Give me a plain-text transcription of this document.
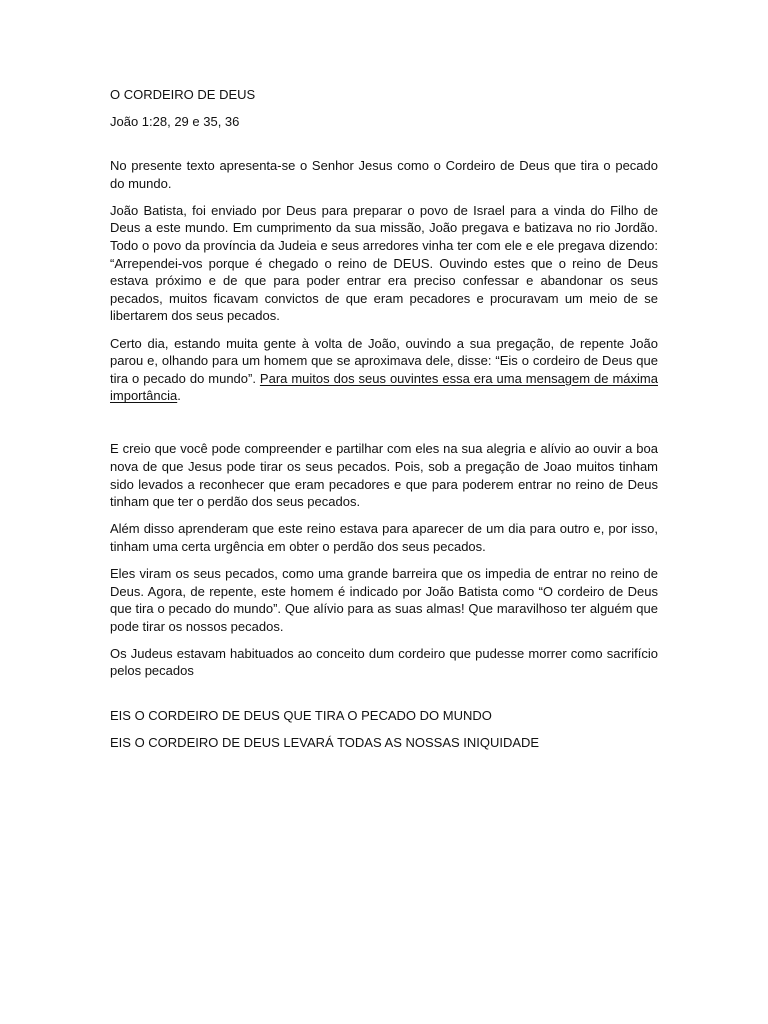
O CORDEIRO DE DEUS

João 1:28, 29 e 35, 36

No presente texto apresenta-se o Senhor Jesus como o Cordeiro de Deus que tira o pecado do mundo.

João Batista, foi enviado por Deus para preparar o povo de Israel para a vinda do Filho de Deus a este mundo. Em cumprimento da sua missão, João pregava e batizava no rio Jordão. Todo o povo da província da Judeia e seus arredores vinha ter com ele e ele pregava dizendo: “Arrependei-vos porque é chegado o reino de DEUS. Ouvindo estes que o reino de Deus estava próximo e de que para poder entrar era preciso confessar e abandonar os seus pecados, muitos ficavam convictos de que eram pecadores e procuravam um meio de se libertarem dos seus pecados.

Certo dia, estando muita gente à volta de João, ouvindo a sua pregação, de repente João parou e, olhando para um homem que se aproximava dele, disse: “Eis o cordeiro de Deus que tira o pecado do mundo”. Para muitos dos seus ouvintes essa era uma mensagem de máxima importância.

E creio que você pode compreender e partilhar com eles na sua alegria e alívio ao ouvir a boa nova de que Jesus pode tirar os seus pecados. Pois, sob a pregação de Joao muitos tinham sido levados a reconhecer que eram pecadores e que para poderem entrar no reino de Deus tinham que ter o perdão dos seus pecados.

Além disso aprenderam que este reino estava para aparecer de um dia para outro e, por isso, tinham uma certa urgência em obter o perdão dos seus pecados.

Eles viram os seus pecados, como uma grande barreira que os impedia de entrar no reino de Deus. Agora, de repente, este homem é indicado por João Batista como “O cordeiro de Deus que tira o pecado do mundo”. Que alívio para as suas almas! Que maravilhoso ter alguém que pode tirar os nossos pecados.

Os Judeus estavam habituados ao conceito dum cordeiro que pudesse morrer como sacrifício pelos pecados

EIS O CORDEIRO DE DEUS QUE TIRA O PECADO DO MUNDO

EIS O CORDEIRO DE DEUS LEVARÁ TODAS AS NOSSAS INIQUIDADE
